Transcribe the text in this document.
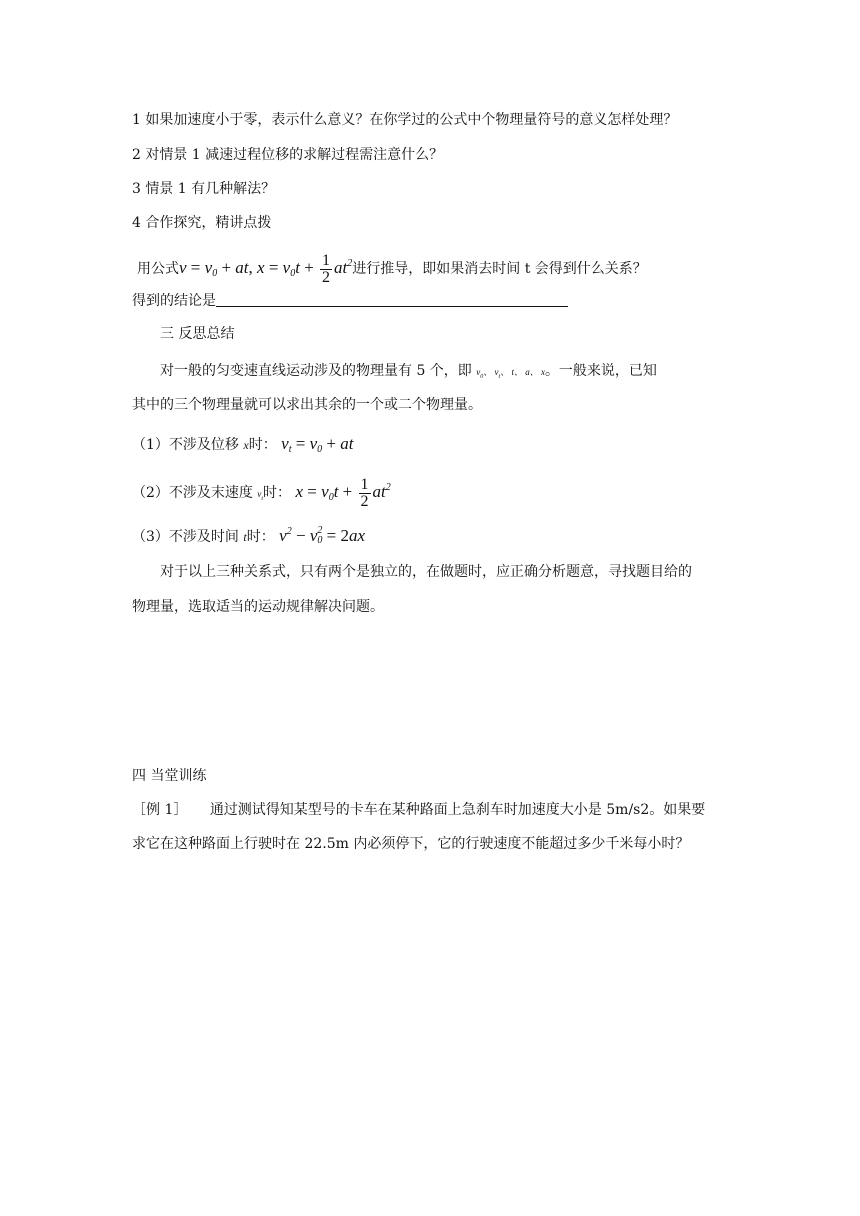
1 如果加速度小于零，表示什么意义？在你学过的公式中个物理量符号的意义怎样处理？
2 对情景 1 减速过程位移的求解过程需注意什么？
3 情景 1 有几种解法？
4 合作探究，精讲点拨
用公式$v = v_0$ + at, $x = v_0t + \frac{1}{2} at^2$进行推导，即如果消去时间 t 会得到什么关系？
得到的结论是
三 反思总结
对一般的匀变速直线运动涉及的物理量有 5 个，即 $v_0$、 $v_t$、 t、 a、 x。一般来说，已知
其中的三个物理量就可以求出其余的一个或二个物理量。
（1）不涉及位移 x时： $v_t = v_0$ + at
（2）不涉及末速度 $v_t$时： $x = v_0t + \frac{1}{2} at^2$
（3）不涉及时间 t时： $v^2 - v$ 2
0 = 2ax
对于以上三种关系式，只有两个是独立的，在做题时，应正确分析题意，寻找题目给的
物理量，选取适当的运动规律解决问题。
四 当堂训练
［例 1］ 通过测试得知某型号的卡车在某种路面上急刹车时加速度大小是 5m/s2。如果要
求它在这种路面上行驶时在 22.5m 内必须停下，它的行驶速度不能超过多少千米每小时？
